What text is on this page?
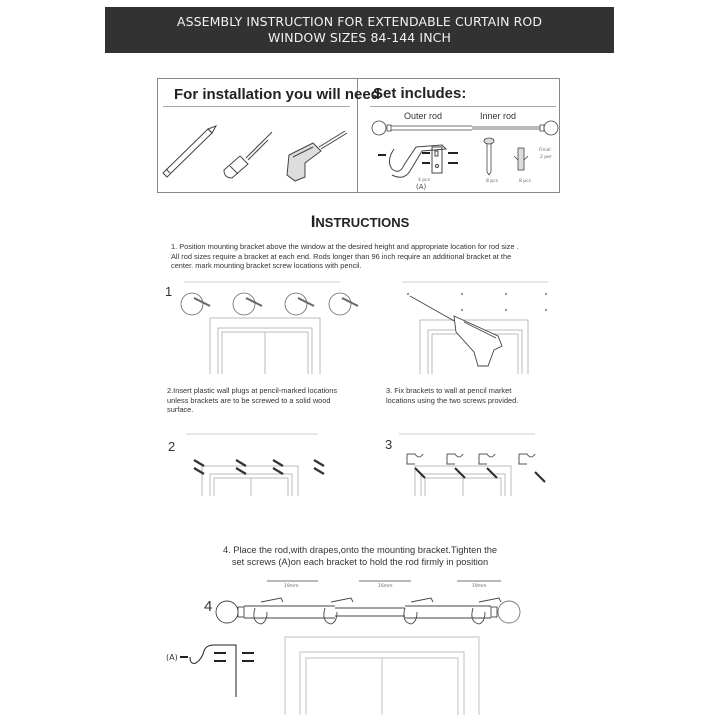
ASSEMBLY INSTRUCTION FOR EXTENDABLE CURTAIN ROD
WINDOW SIZES 84-144 INCH
For installation you will need
Set includes:
Outer rod	Inner rod
4 pcs
(A)
8 pcs	8 pcs
Finial
2 per
INSTRUCTIONS
1. Position mounting bracket above the window at the desired height and appropriate location for rod size .
All rod sizes require a bracket at each end. Rods longer than 96 inch require an additional bracket at the
center. mark mounting bracket screw locations with pencil.
1
2.Insert plastic wall plugs at pencil-marked locations
unless brackets are to be screwed to a solid wood
surface.
3. Fix brackets to wall at pencil market
locations using the two screws provided.
2	3
4. Place the rod,with drapes,onto the mounting bracket.Tighten the
set screws (A)on each bracket to hold the rod firmly in position
19mm	16mm	19mm
4
(A)
